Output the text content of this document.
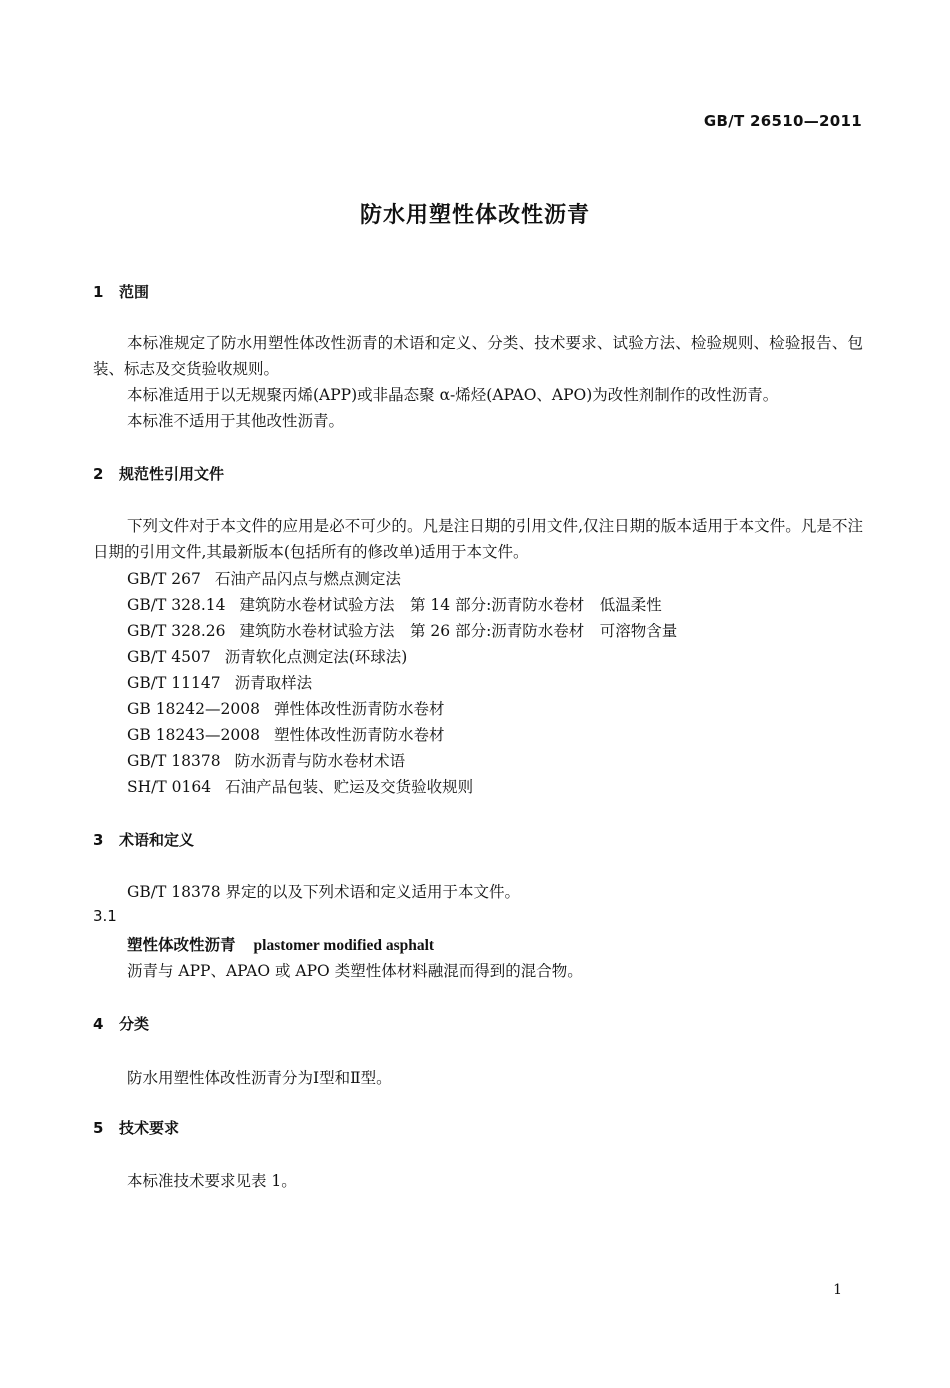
GB/T 26510—2011
防水用塑性体改性沥青
1 范围
本标准规定了防水用塑性体改性沥青的术语和定义、分类、技术要求、试验方法、检验规则、检验报告、包装、标志及交货验收规则。
本标准适用于以无规聚丙烯(APP)或非晶态聚 α-烯烃(APAO、APO)为改性剂制作的改性沥青。
本标准不适用于其他改性沥青。
2 规范性引用文件
下列文件对于本文件的应用是必不可少的。凡是注日期的引用文件,仅注日期的版本适用于本文件。凡是不注日期的引用文件,其最新版本(包括所有的修改单)适用于本文件。
GB/T 267 石油产品闪点与燃点测定法
GB/T 328.14 建筑防水卷材试验方法　第 14 部分:沥青防水卷材　低温柔性
GB/T 328.26 建筑防水卷材试验方法　第 26 部分:沥青防水卷材　可溶物含量
GB/T 4507 沥青软化点测定法(环球法)
GB/T 11147 沥青取样法
GB 18242—2008 弹性体改性沥青防水卷材
GB 18243—2008 塑性体改性沥青防水卷材
GB/T 18378 防水沥青与防水卷材术语
SH/T 0164 石油产品包装、贮运及交货验收规则
3 术语和定义
GB/T 18378 界定的以及下列术语和定义适用于本文件。
3.1
塑性体改性沥青 plastomer modified asphalt
沥青与 APP、APAO 或 APO 类塑性体材料融混而得到的混合物。
4 分类
防水用塑性体改性沥青分为Ⅰ型和Ⅱ型。
5 技术要求
本标准技术要求见表 1。
1
